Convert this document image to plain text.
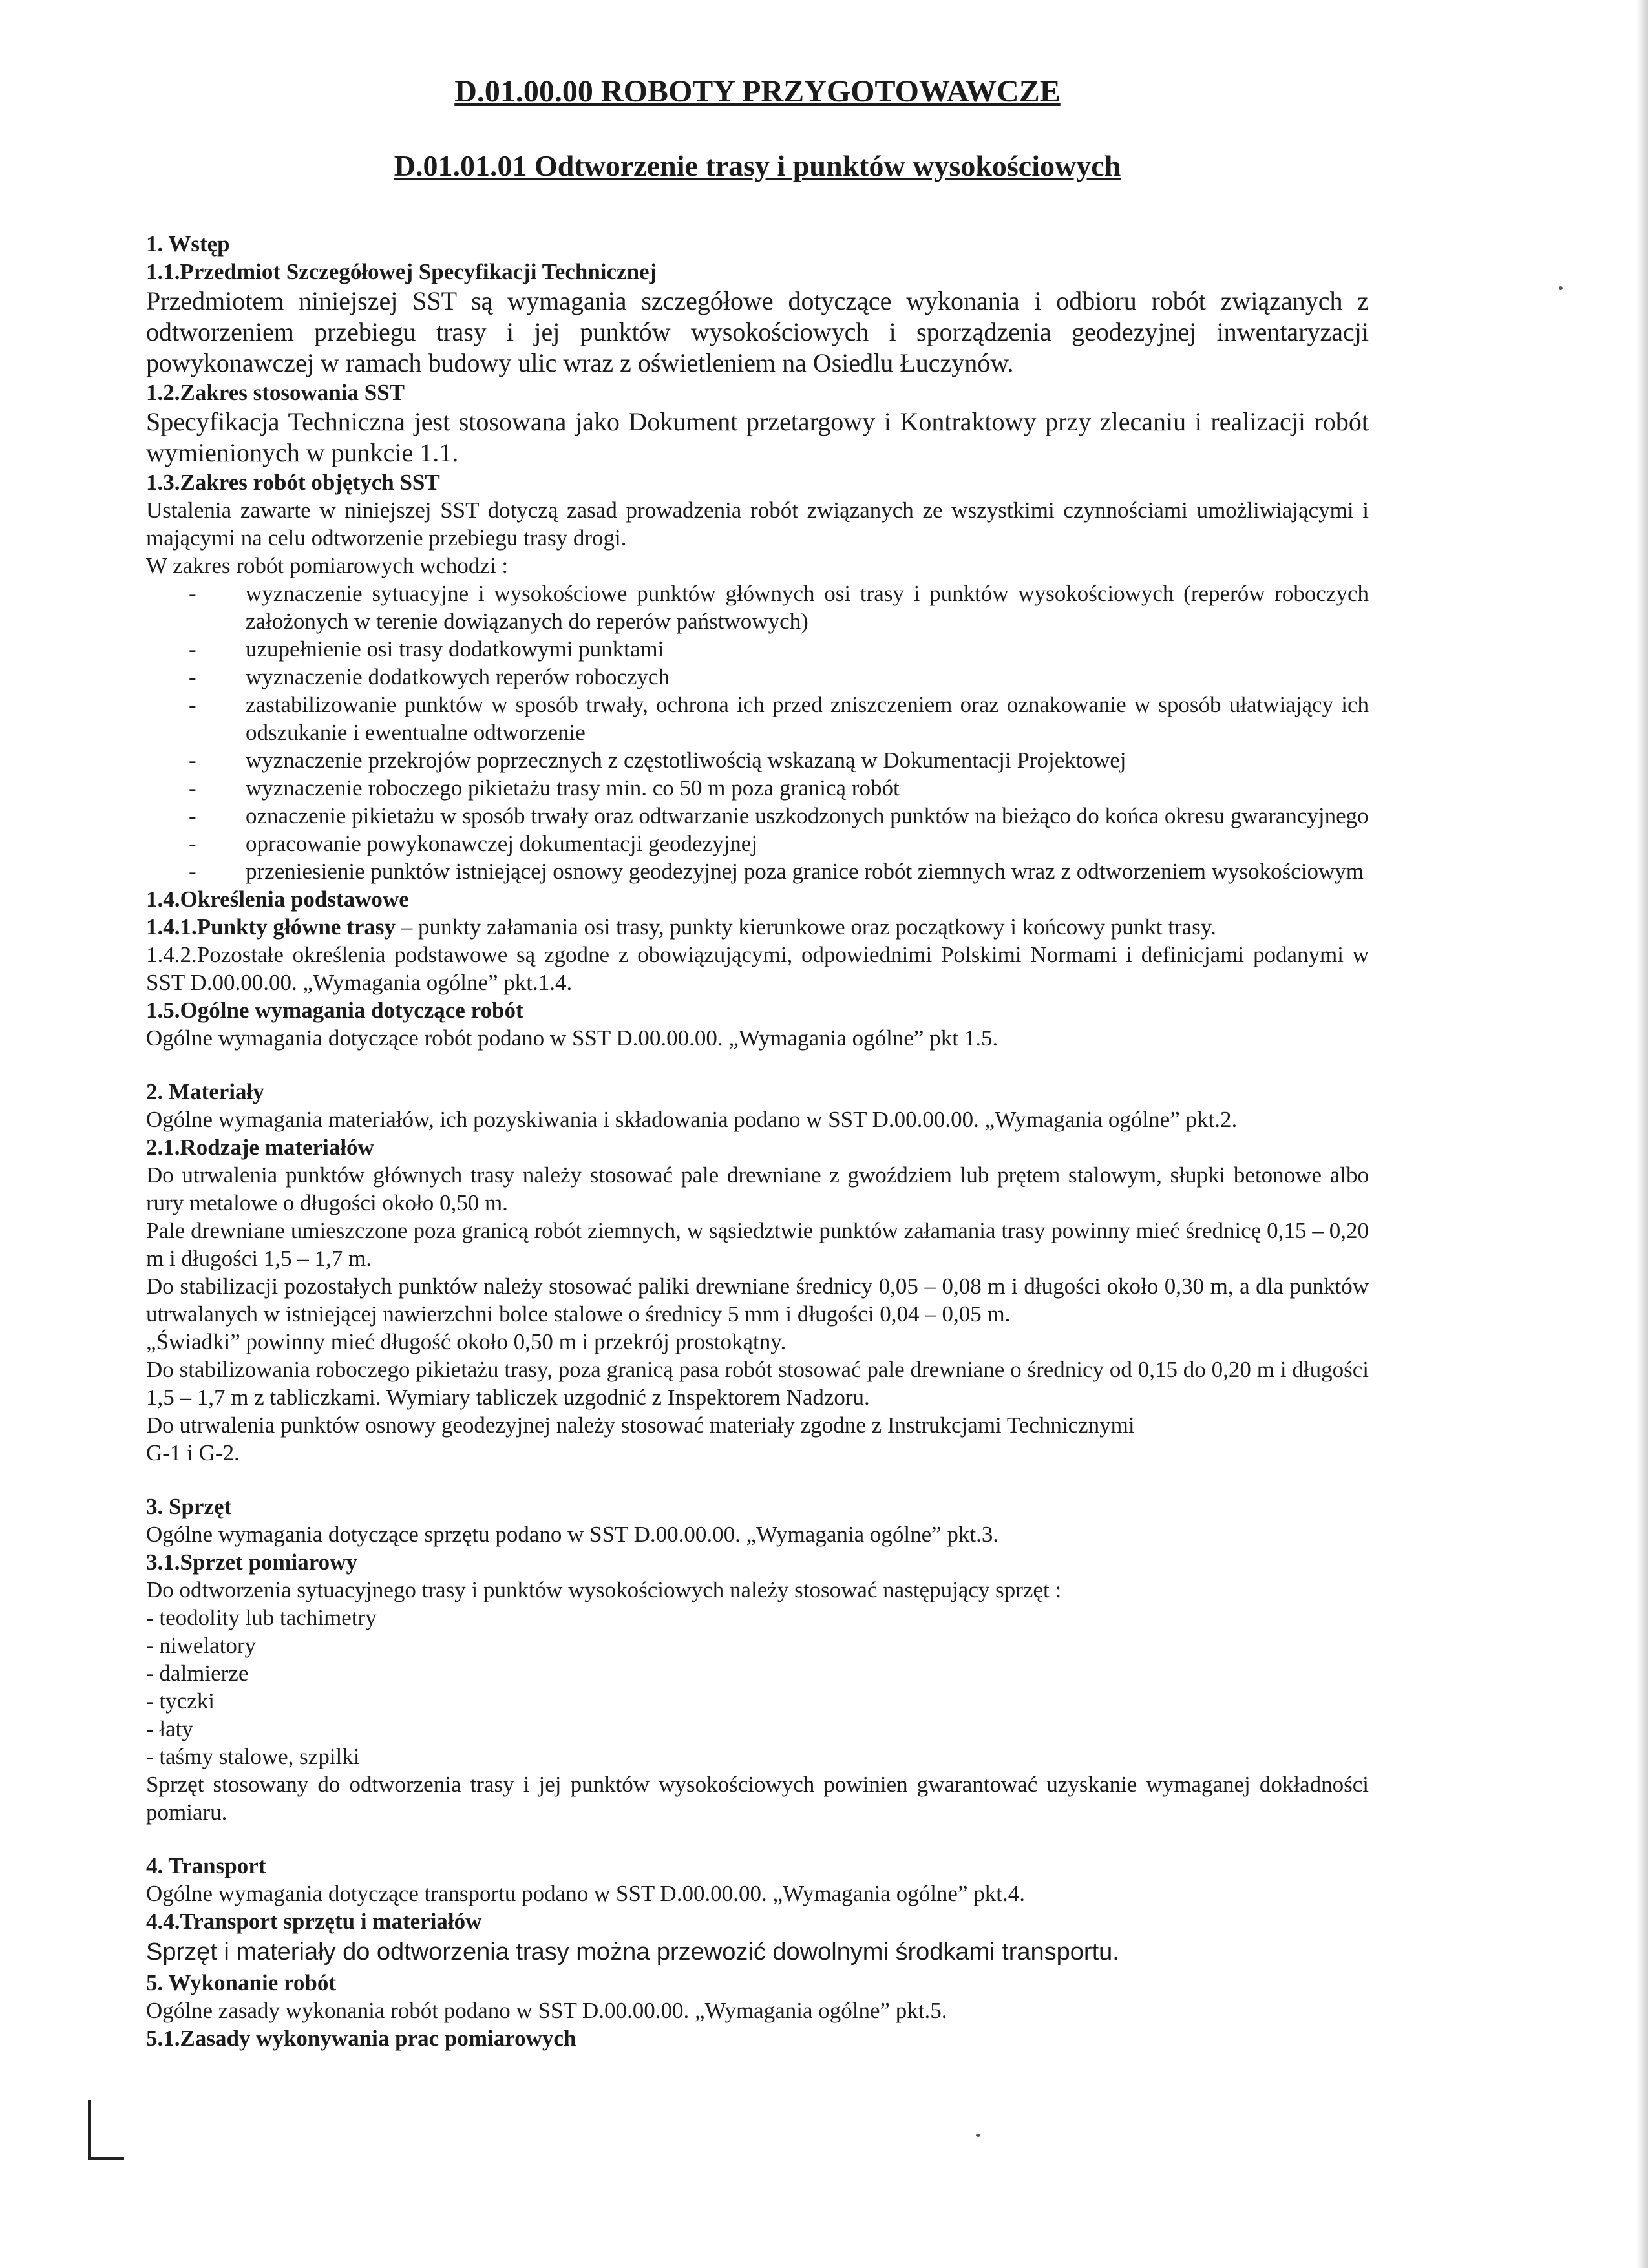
D.01.00.00 ROBOTY PRZYGOTOWAWCZE
D.01.01.01 Odtworzenie trasy i punktów wysokościowych
1. Wstęp
1.1.Przedmiot Szczegółowej Specyfikacji Technicznej
Przedmiotem niniejszej SST są wymagania szczegółowe dotyczące wykonania i odbioru robót związanych z odtworzeniem przebiegu trasy i jej punktów wysokościowych i sporządzenia geodezyjnej inwentaryzacji powykonawczej w ramach budowy ulic wraz z oświetleniem na Osiedlu Łuczynów.
1.2.Zakres stosowania SST
Specyfikacja Techniczna jest stosowana jako Dokument przetargowy i Kontraktowy przy zlecaniu i realizacji robót wymienionych w punkcie 1.1.
1.3.Zakres robót objętych SST
Ustalenia zawarte w niniejszej SST dotyczą zasad prowadzenia robót związanych ze wszystkimi czynnościami umożliwiającymi i mającymi na celu odtworzenie przebiegu trasy drogi.
W zakres robót pomiarowych wchodzi :
- wyznaczenie sytuacyjne i wysokościowe punktów głównych osi trasy i punktów wysokościowych (reperów roboczych założonych w terenie dowiązanych do reperów państwowych)
- uzupełnienie osi trasy dodatkowymi punktami
- wyznaczenie dodatkowych reperów roboczych
- zastabilizowanie punktów w sposób trwały, ochrona ich przed zniszczeniem oraz oznakowanie w sposób ułatwiający ich odszukanie i ewentualne odtworzenie
- wyznaczenie przekrojów poprzecznych z częstotliwością wskazaną w Dokumentacji Projektowej
- wyznaczenie roboczego pikietażu trasy min. co 50 m poza granicą robót
- oznaczenie pikietażu w sposób trwały oraz odtwarzanie uszkodzonych punktów na bieżąco do końca okresu gwarancyjnego
- opracowanie powykonawczej dokumentacji geodezyjnej
- przeniesienie punktów istniejącej osnowy geodezyjnej poza granice robót ziemnych wraz z odtworzeniem wysokościowym
1.4.Określenia podstawowe
1.4.1.Punkty główne trasy – punkty załamania osi trasy, punkty kierunkowe oraz początkowy i końcowy punkt trasy.
1.4.2.Pozostałe określenia podstawowe są zgodne z obowiązującymi, odpowiednimi Polskimi Normami i definicjami podanymi w SST D.00.00.00. „Wymagania ogólne” pkt.1.4.
1.5.Ogólne wymagania dotyczące robót
Ogólne wymagania dotyczące robót podano w SST D.00.00.00. „Wymagania ogólne” pkt 1.5.
2. Materiały
Ogólne wymagania materiałów, ich pozyskiwania i składowania podano w SST D.00.00.00. „Wymagania ogólne” pkt.2.
2.1.Rodzaje materiałów
Do utrwalenia punktów głównych trasy należy stosować pale drewniane z gwoździem lub prętem stalowym, słupki betonowe albo rury metalowe o długości około 0,50 m.
Pale drewniane umieszczone poza granicą robót ziemnych, w sąsiedztwie punktów załamania trasy powinny mieć średnicę 0,15 – 0,20 m i długości 1,5 – 1,7 m.
Do stabilizacji pozostałych punktów należy stosować paliki drewniane średnicy 0,05 – 0,08 m i długości około 0,30 m, a dla punktów utrwalanych w istniejącej nawierzchni bolce stalowe o średnicy 5 mm i długości 0,04 – 0,05 m.
„Świadki” powinny mieć długość około 0,50 m i przekrój prostokątny.
Do stabilizowania roboczego pikietażu trasy, poza granicą pasa robót stosować pale drewniane o średnicy od 0,15 do 0,20 m i długości 1,5 – 1,7 m z tabliczkami. Wymiary tabliczek uzgodnić z Inspektorem Nadzoru.
Do utrwalenia punktów osnowy geodezyjnej należy stosować materiały zgodne z Instrukcjami Technicznymi
G-1 i G-2.
3. Sprzęt
Ogólne wymagania dotyczące sprzętu podano w SST D.00.00.00. „Wymagania ogólne” pkt.3.
3.1.Sprzet pomiarowy
Do odtworzenia sytuacyjnego trasy i punktów wysokościowych należy stosować następujący sprzęt :
- teodolity lub tachimetry
- niwelatory
- dalmierze
- tyczki
- łaty
- taśmy stalowe, szpilki
Sprzęt stosowany do odtworzenia trasy i jej punktów wysokościowych powinien gwarantować uzyskanie wymaganej dokładności pomiaru.
4. Transport
Ogólne wymagania dotyczące transportu podano w SST D.00.00.00. „Wymagania ogólne” pkt.4.
4.4.Transport sprzętu i materiałów
Sprzęt i materiały do odtworzenia trasy można przewozić dowolnymi środkami transportu.
5. Wykonanie robót
Ogólne zasady wykonania robót podano w SST D.00.00.00. „Wymagania ogólne” pkt.5.
5.1.Zasady wykonywania prac pomiarowych
